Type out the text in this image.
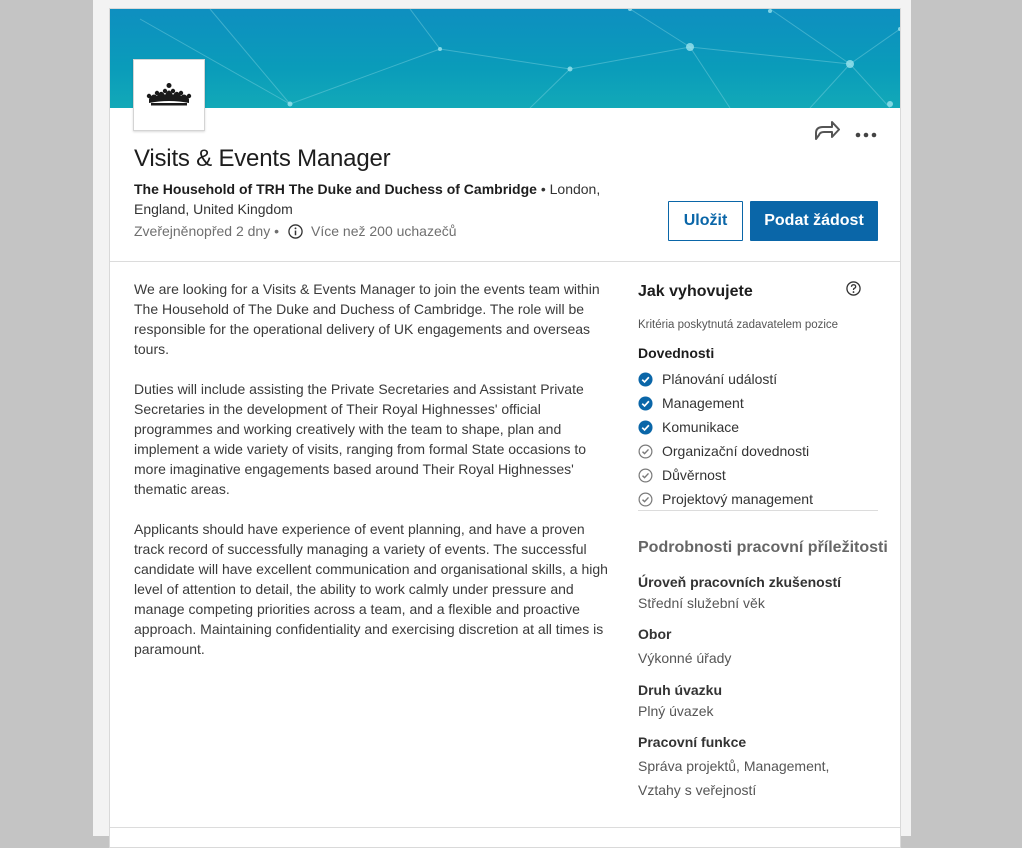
Visits & Events Manager
The Household of TRH The Duke and Duchess of Cambridge • London, England, United Kingdom
Zveřejněnopřed 2 dny • Více než 200 uchazečů
Uložit	Podat žádost

We are looking for a Visits & Events Manager to join the events team within The Household of The Duke and Duchess of Cambridge. The role will be responsible for the operational delivery of UK engagements and overseas tours.

Duties will include assisting the Private Secretaries and Assistant Private Secretaries in the development of Their Royal Highnesses' official programmes and working creatively with the team to shape, plan and implement a wide variety of visits, ranging from formal State occasions to more imaginative engagements based around Their Royal Highnesses' thematic areas.

Applicants should have experience of event planning, and have a proven track record of successfully managing a variety of events. The successful candidate will have excellent communication and organisational skills, a high level of attention to detail, the ability to work calmly under pressure and manage competing priorities across a team, and a flexible and proactive approach. Maintaining confidentiality and exercising discretion at all times is paramount.

Jak vyhovujete
Kritéria poskytnutá zadavatelem pozice
Dovednosti
Plánování událostí
Management
Komunikace
Organizační dovednosti
Důvěrnost
Projektový management
Podrobnosti pracovní příležitosti
Úroveň pracovních zkušeností
Střední služební věk
Obor
Výkonné úřady
Druh úvazku
Plný úvazek
Pracovní funkce
Správa projektů, Management, Vztahy s veřejností
